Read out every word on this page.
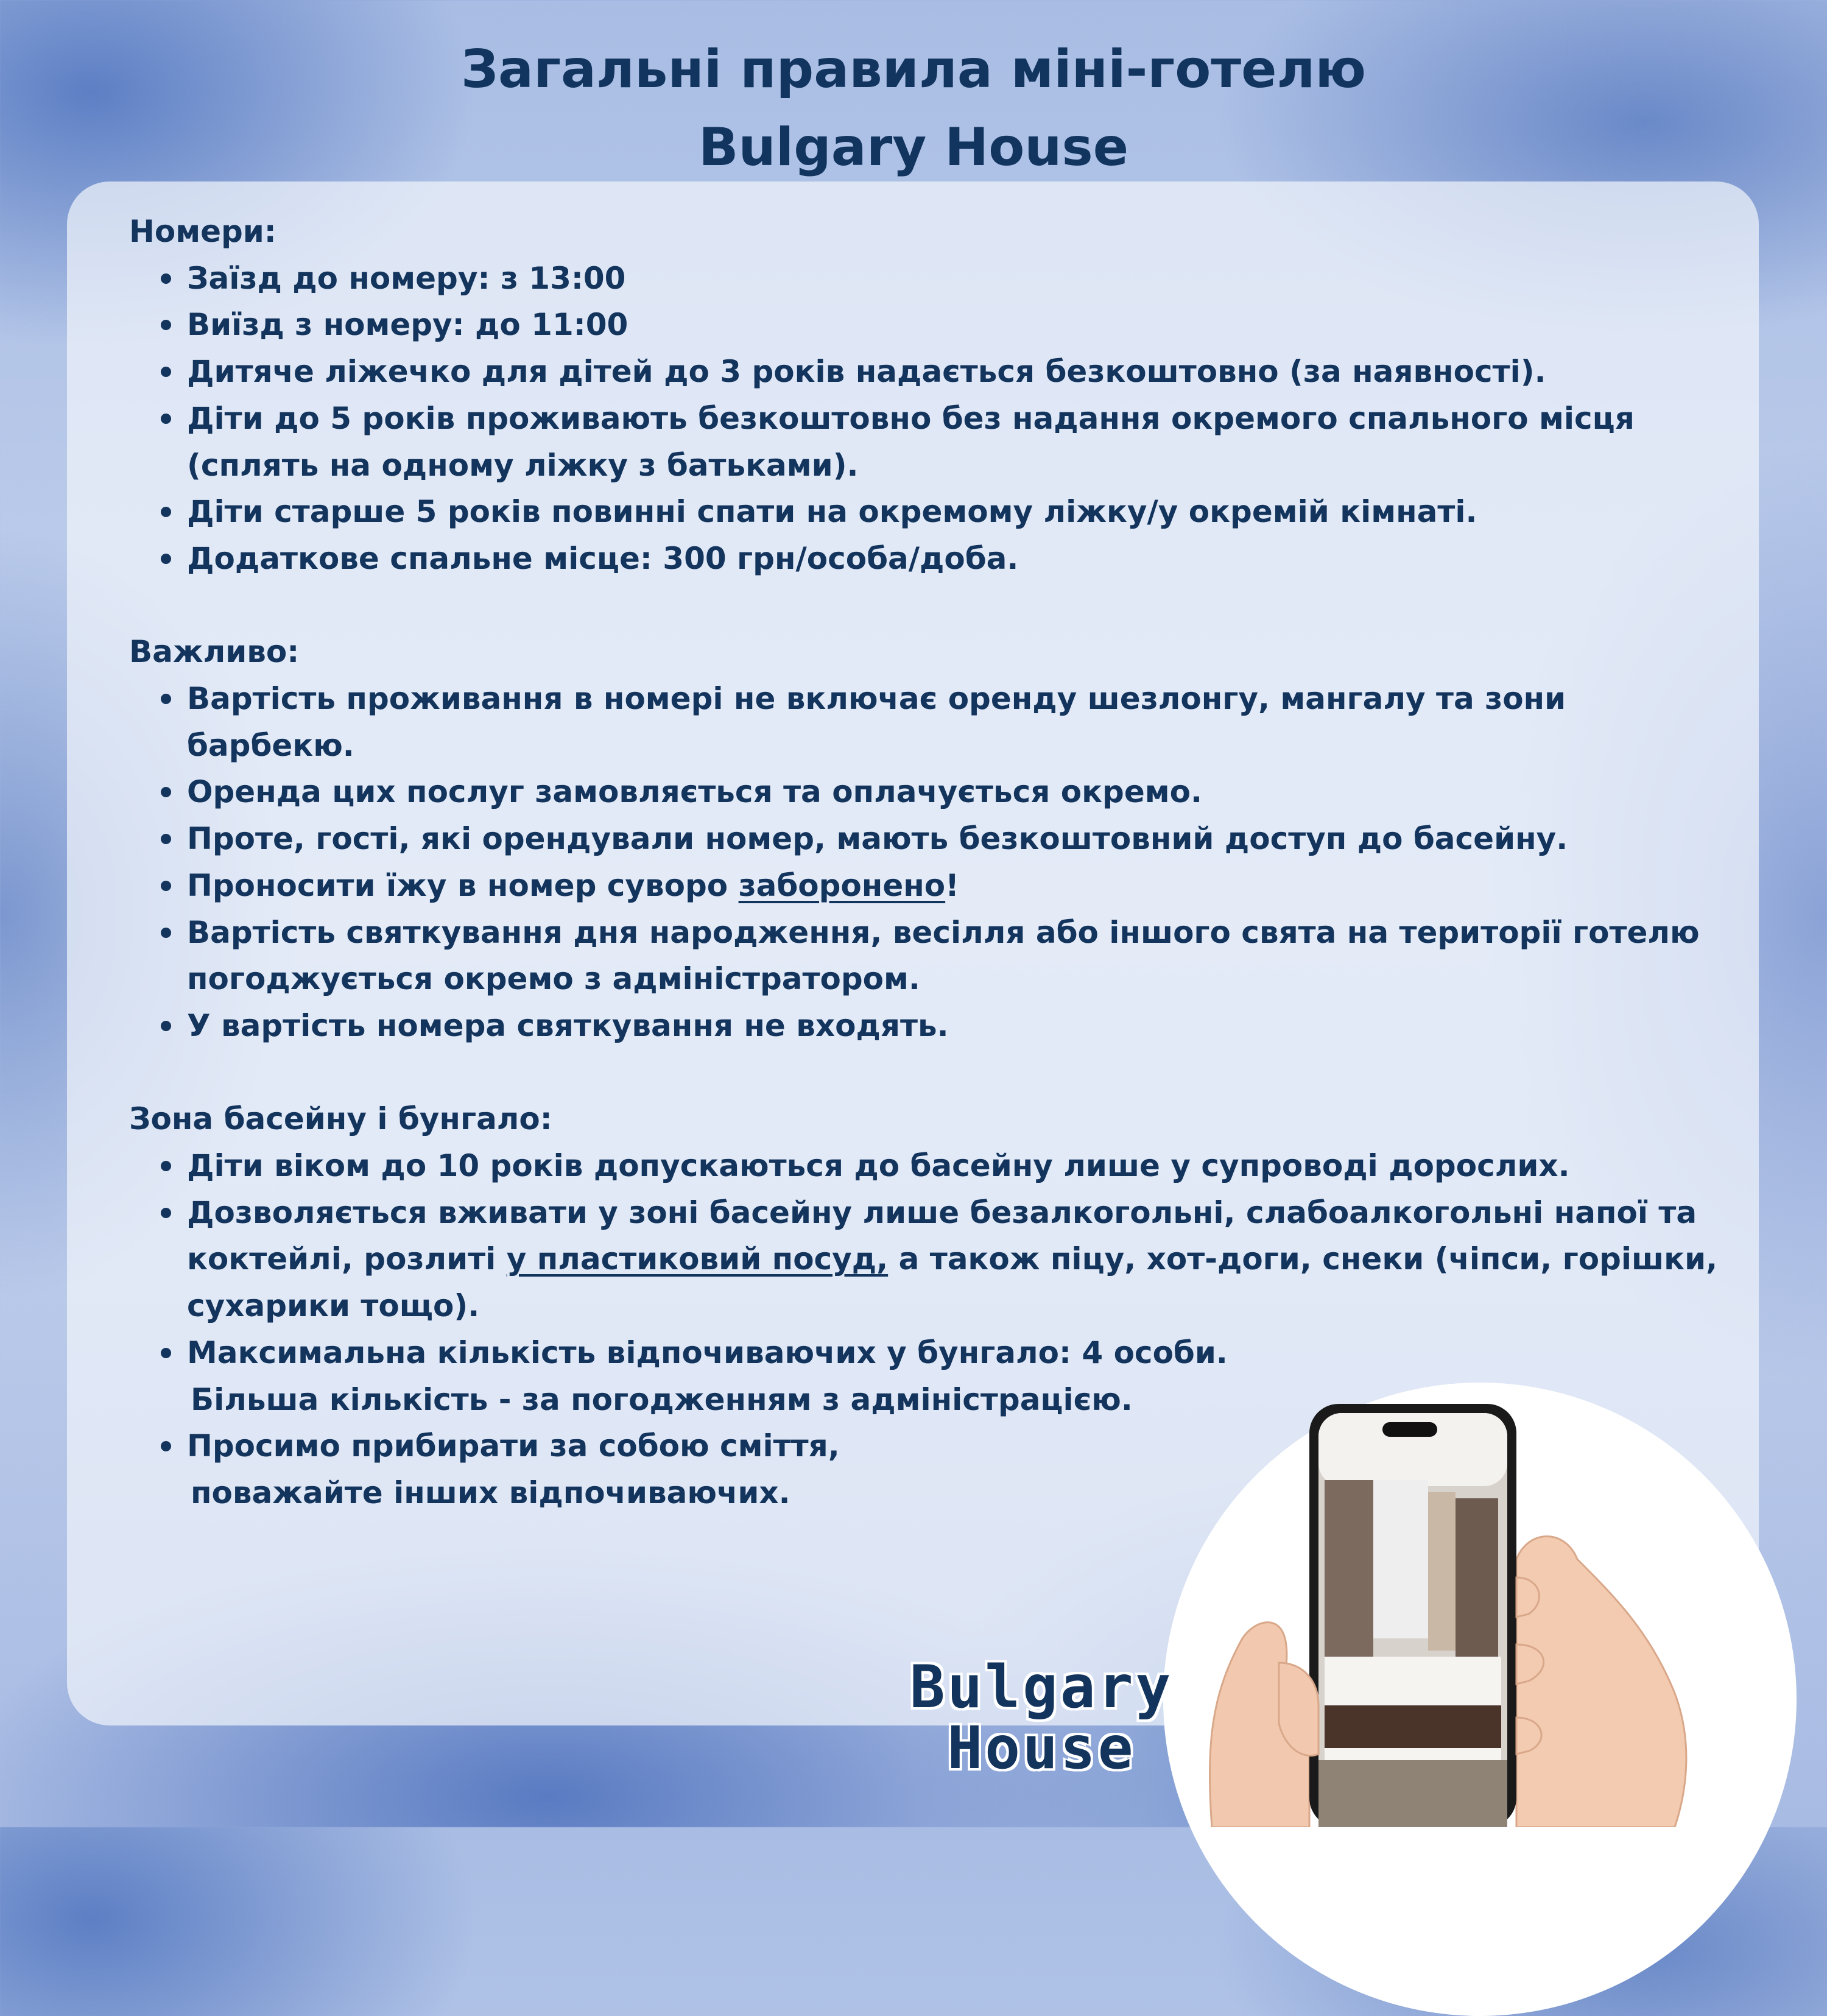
Загальні правила міні-готелю
Bulgary House
Номери:
Заїзд до номеру: з 13:00
Виїзд з номеру: до 11:00
Дитяче ліжечко для дітей до 3 років надається безкоштовно (за наявності).
Діти до 5 років проживають безкоштовно без надання окремого спального місця (сплять на одному ліжку з батьками).
Діти старше 5 років повинні спати на окремому ліжку/у окремій кімнаті.
Додаткове спальне місце: 300 грн/особа/доба.
Важливо:
Вартість проживання в номері не включає оренду шезлонгу, мангалу та зони барбекю.
Оренда цих послуг замовляється та оплачується окремо.
Проте, гості, які орендували номер, мають безкоштовний доступ до басейну.
Проносити їжу в номер суворо заборонено!
Вартість святкування дня народження, весілля або іншого свята на території готелю погоджується окремо з адміністратором.
У вартість номера святкування не входять.
Зона басейну і бунгало:
Діти віком до 10 років допускаються до басейну лише у супроводі дорослих.
Дозволяється вживати у зоні басейну лише безалкогольні, слабоалкогольні напої та коктейлі, розлиті у пластиковий посуд, а також піцу, хот-доги, снеки (чіпси, горішки, сухарики тощо).
Максимальна кількість відпочиваючих у бунгало: 4 особи.
Більша кількість - за погодженням з адміністрацією.
Просимо прибирати за собою сміття,
поважайте інших відпочиваючих.
Bulgary
House
